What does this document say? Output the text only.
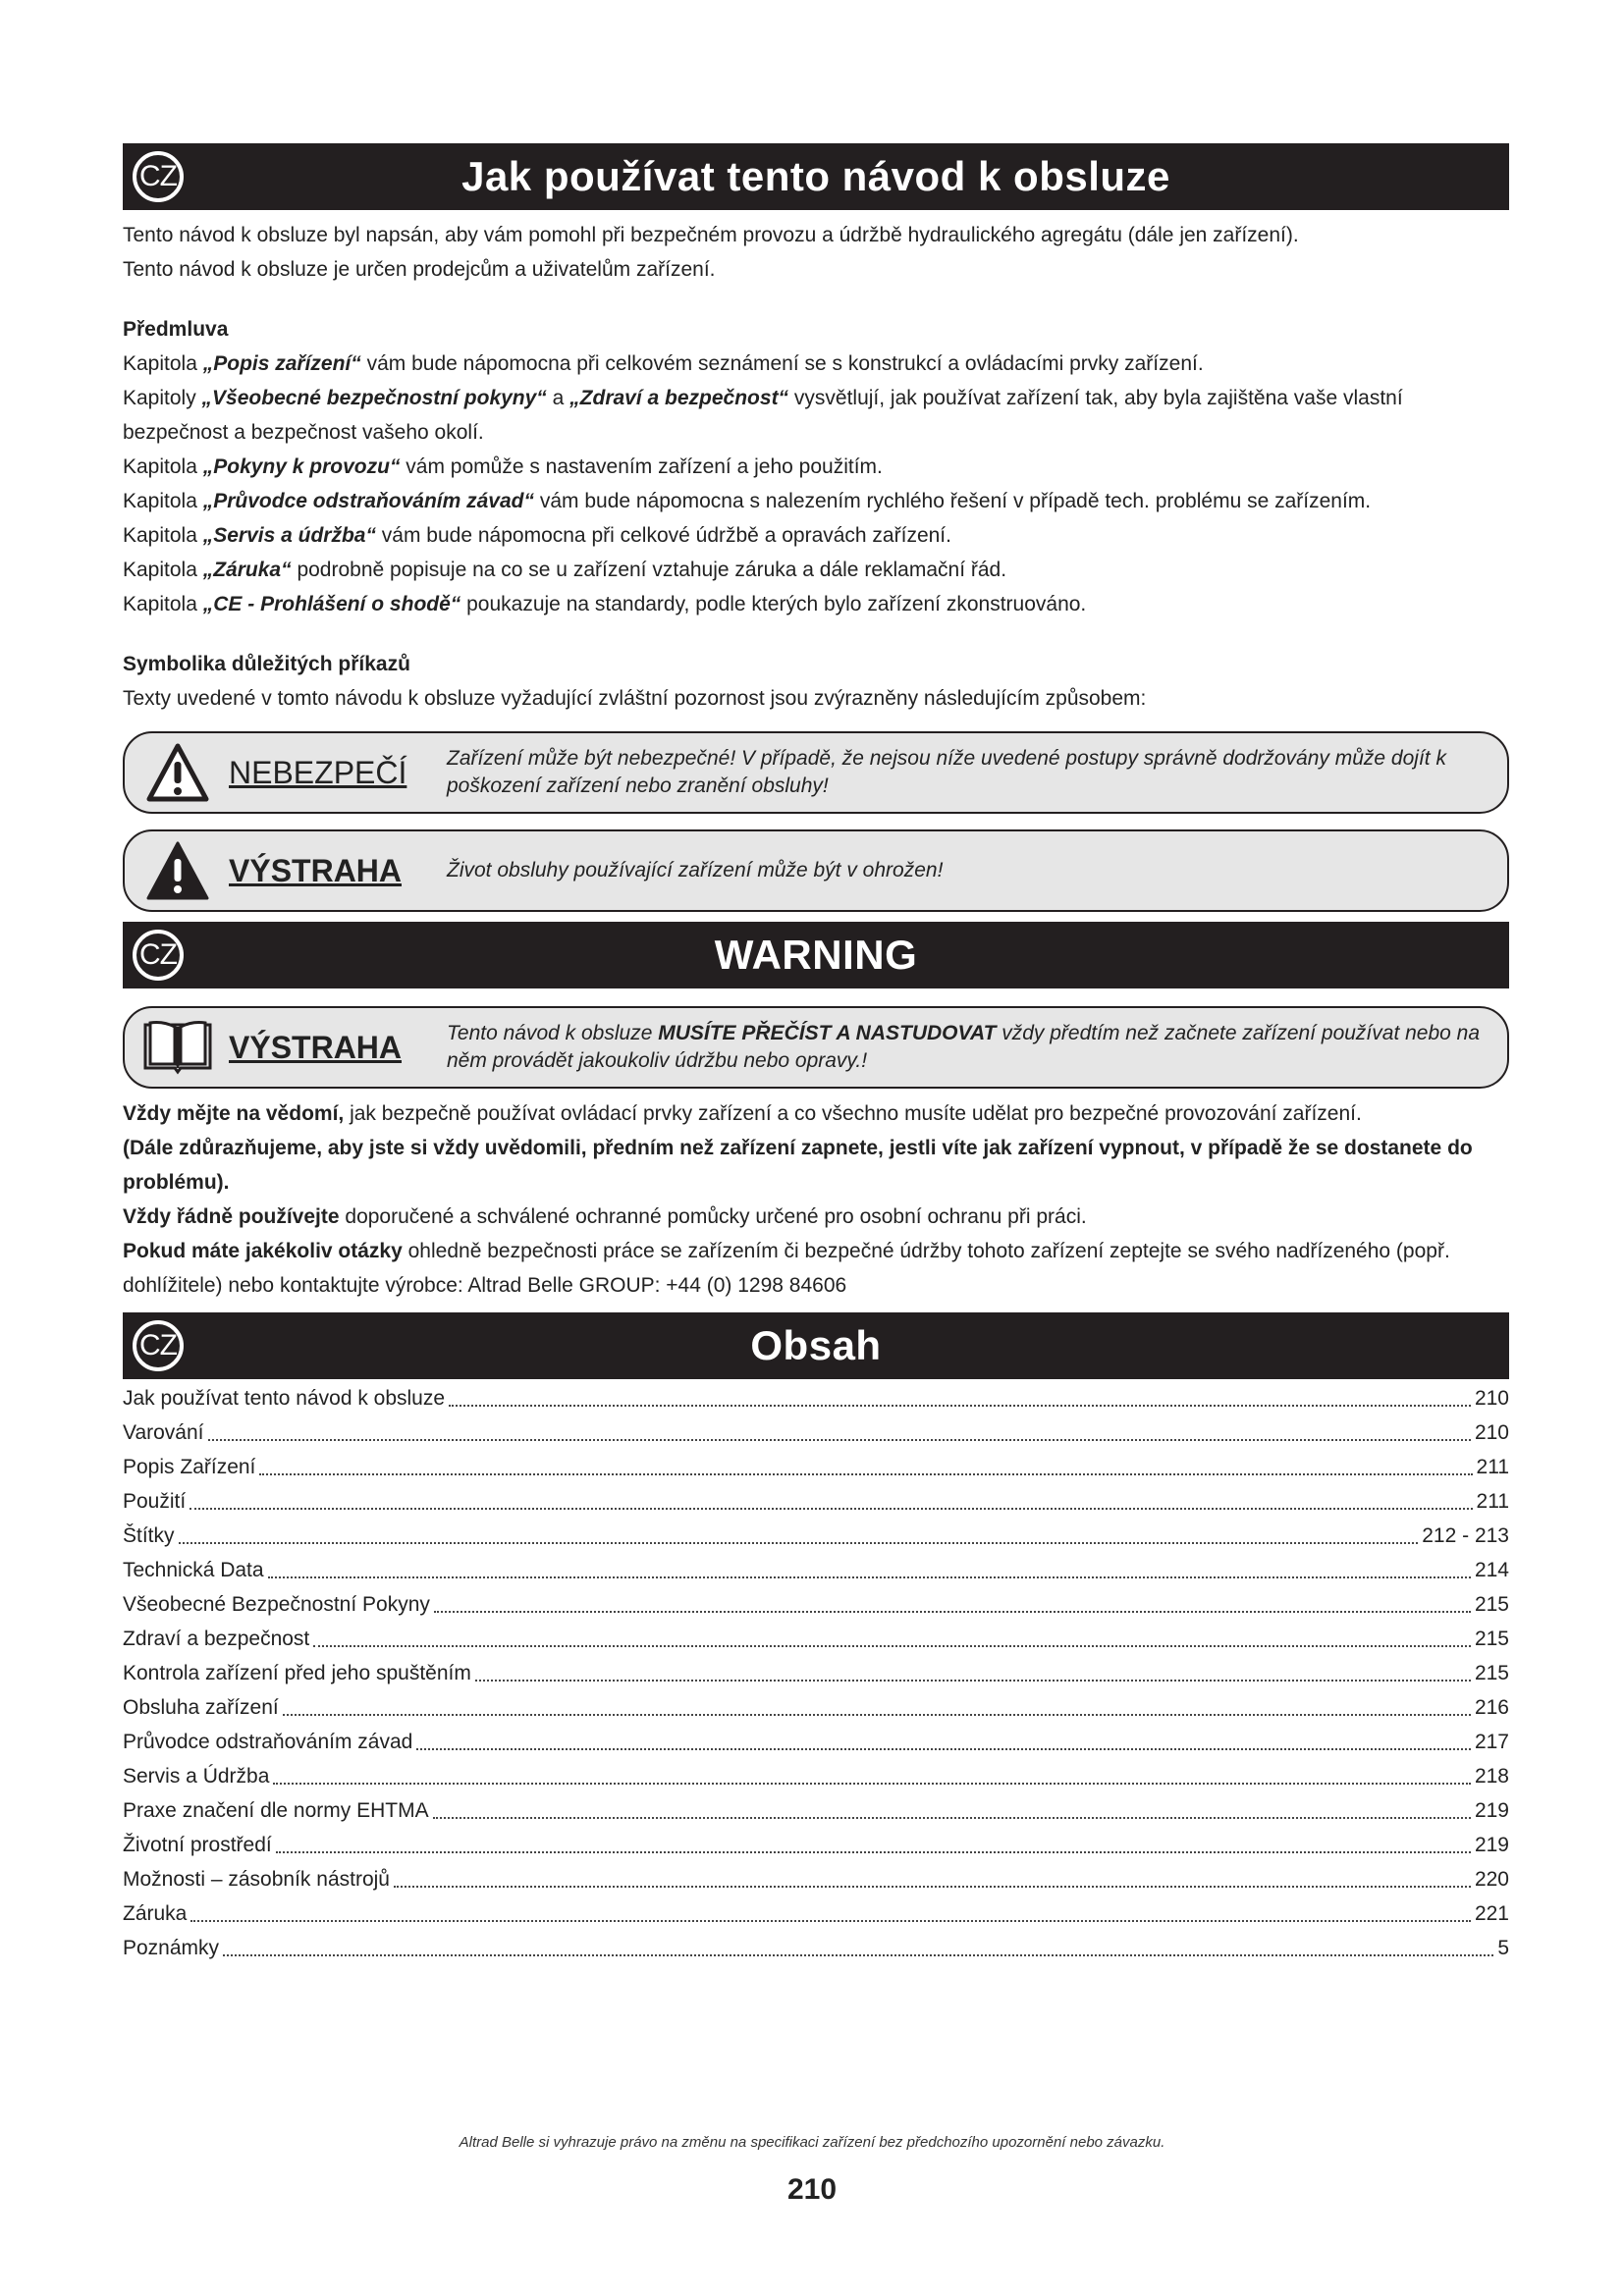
CZ	Jak používat tento návod k obsluze

Tento návod k obsluze byl napsán, aby vám pomohl při bezpečném provozu a údržbě hydraulického agregátu (dále jen zařízení).

Tento návod k obsluze je určen prodejcům a uživatelům zařízení.

Předmluva

Kapitola „Popis zařízení“ vám bude nápomocna při celkovém seznámení se s konstrukcí a ovládacími prvky zařízení.

Kapitoly „Všeobecné bezpečnostní pokyny“ a „Zdraví a bezpečnost“ vysvětlují, jak používat zařízení tak, aby byla zajištěna vaše vlastní bezpečnost a bezpečnost vašeho okolí.

Kapitola „Pokyny k provozu“ vám pomůže s nastavením zařízení a jeho použitím.

Kapitola „Průvodce odstraňováním závad“ vám bude nápomocna s nalezením rychlého řešení v případě tech. problému se zařízením.

Kapitola „Servis a údržba“ vám bude nápomocna při celkové údržbě a opravách zařízení.

Kapitola „Záruka“ podrobně popisuje na co se u zařízení vztahuje záruka a dále reklamační řád.

Kapitola „CE - Prohlášení o shodě“ poukazuje na standardy, podle kterých bylo zařízení zkonstruováno.

Symbolika důležitých příkazů

Texty uvedené v tomto návodu k obsluze vyžadující zvláštní pozornost jsou zvýrazněny následujícím způsobem:

NEBEZPEČÍ	Zařízení může být nebezpečné! V případě, že nejsou níže uvedené postupy správně dodržovány může dojít k poškození zařízení nebo zranění obsluhy!
VÝSTRAHA	Život obsluhy používající zařízení může být v ohrožen!
CZ	WARNING
VÝSTRAHA	Tento návod k obsluze MUSÍTE PŘEČÍST A NASTUDOVAT vždy předtím než začnete zařízení používat nebo na něm provádět jakoukoliv údržbu nebo opravy.!

Vždy mějte na vědomí, jak bezpečně používat ovládací prvky zařízení a co všechno musíte udělat pro bezpečné provozování zařízení.

(Dále zdůrazňujeme, aby jste si vždy uvědomili, předním než zařízení zapnete, jestli víte jak zařízení vypnout, v případě že se dostanete do problému).

Vždy řádně používejte doporučené a schválené ochranné pomůcky určené pro osobní ochranu při práci.

Pokud máte jakékoliv otázky ohledně bezpečnosti práce se zařízením či bezpečné údržby tohoto zařízení zeptejte se svého nadřízeného (popř. dohlížitele) nebo kontaktujte výrobce: Altrad Belle GROUP: +44 (0) 1298 84606

CZ	Obsah
Jak používat tento návod k obsluze	210
Varování	210
Popis Zařízení	211
Použití	211
Štítky	212 - 213
Technická Data	214
Všeobecné Bezpečnostní Pokyny	215
Zdraví a bezpečnost	215
Kontrola zařízení před jeho spuštěním	215
Obsluha zařízení	216
Průvodce odstraňováním závad	217
Servis a Údržba	218
Praxe značení dle normy EHTMA	219
Životní prostředí	219
Možnosti – zásobník nástrojů	220
Záruka	221
Poznámky	5
Altrad Belle si vyhrazuje právo na změnu na specifikaci zařízení bez předchozího upozornění nebo závazku.
210
